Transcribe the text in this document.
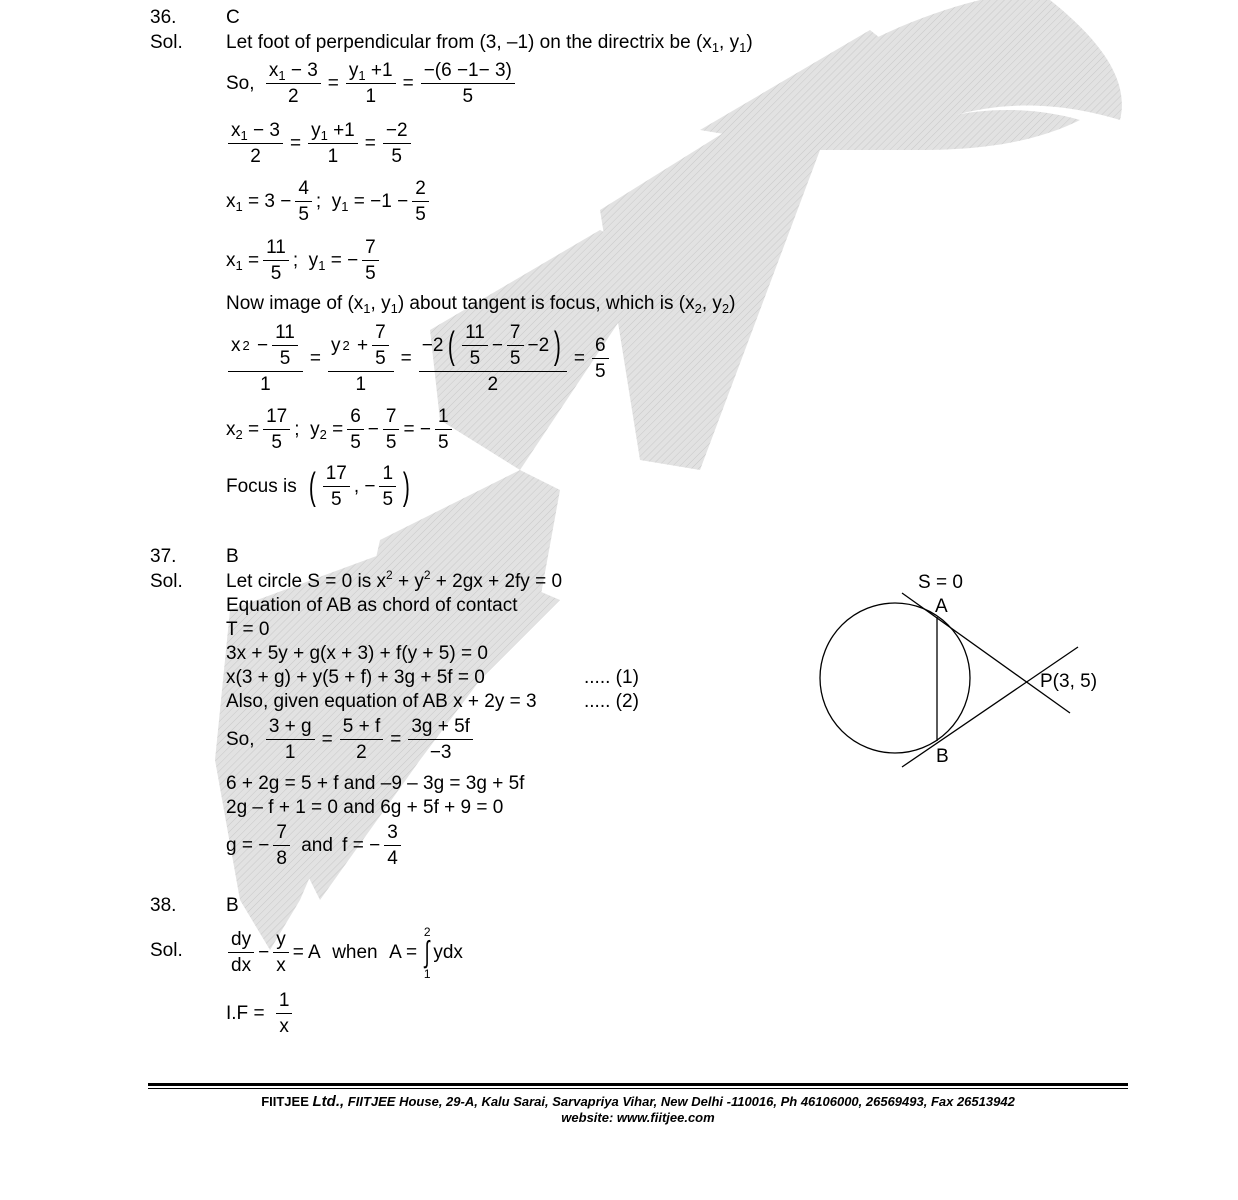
36.	C
Sol. Let foot of perpendicular from (3, –1) on the directrix be ($x_1$, $y_1$)
So,
$\frac{x_1 - 3}{2} = \frac{y_1 +1}{1} = \frac{-(6 -1- 3)}{5}$
$\frac{x_1 - 3}{2} = \frac{y_1 +1}{1} = \frac{-2}{5}$
$x_1 = 3 - \frac{4}{5}$ ;  $y_1 = -1 - \frac{2}{5}$
$x_1 = \frac{11}{5}$ ;  $y_1$ = − $\frac{7}{5}$
Now image of ($x_1$, $y_1$) about tangent is focus, which is ($x_2$, $y_2$)
$\frac{x 2 - \frac{11}{5}}{1} = \frac{y 2 + \frac{7}{5}}{1} = \frac{-2 ( \frac{11}{5} - \frac{7}{5} -2 )}{2} = \frac{6}{5}$
$x_2 = \frac{17}{5}$ ;  $y_2 = \frac{6}{5} - \frac{7}{5}$ = − $\frac{1}{5}$
Focus is
( $\frac{17}{5}$ , − $\frac{1}{5}$ )
37.	B
Sol. Let circle S = 0 is $x^2 + y^2 + 2gx + 2fy = 0$
Equation of AB as chord of contact
T = 0
3x + 5y + g(x + 3) + f(y + 5) = 0
x(3 + g) + y(5 + f) + 3g + 5f = 0	..... (1)
Also, given equation of AB x + 2y = 3 ..... (2)
So,
$\frac{3 + g}{1} = \frac{5 + f}{2} = \frac{3g + 5f}{-3}$
6 + 2g = 5 + f and –9 – 3g = 3g + 5f
2g – f + 1 = 0 and 6g + 5f + 9 = 0
g = − $\frac{7}{8}$
and
f = − $\frac{3}{4}$
S = 0
A
B
P(3, 5)
38.	B
Sol. $\frac{dy}{dx} - \frac{y}{x} = A$ when A =
2
∫
1
ydx
I.F =
$\frac{1}{x}$
FIITJEE Ltd., FIITJEE House, 29-A, Kalu Sarai, Sarvapriya Vihar, New Delhi -110016, Ph 46106000, 26569493, Fax 26513942
website: www.fiitjee.com
